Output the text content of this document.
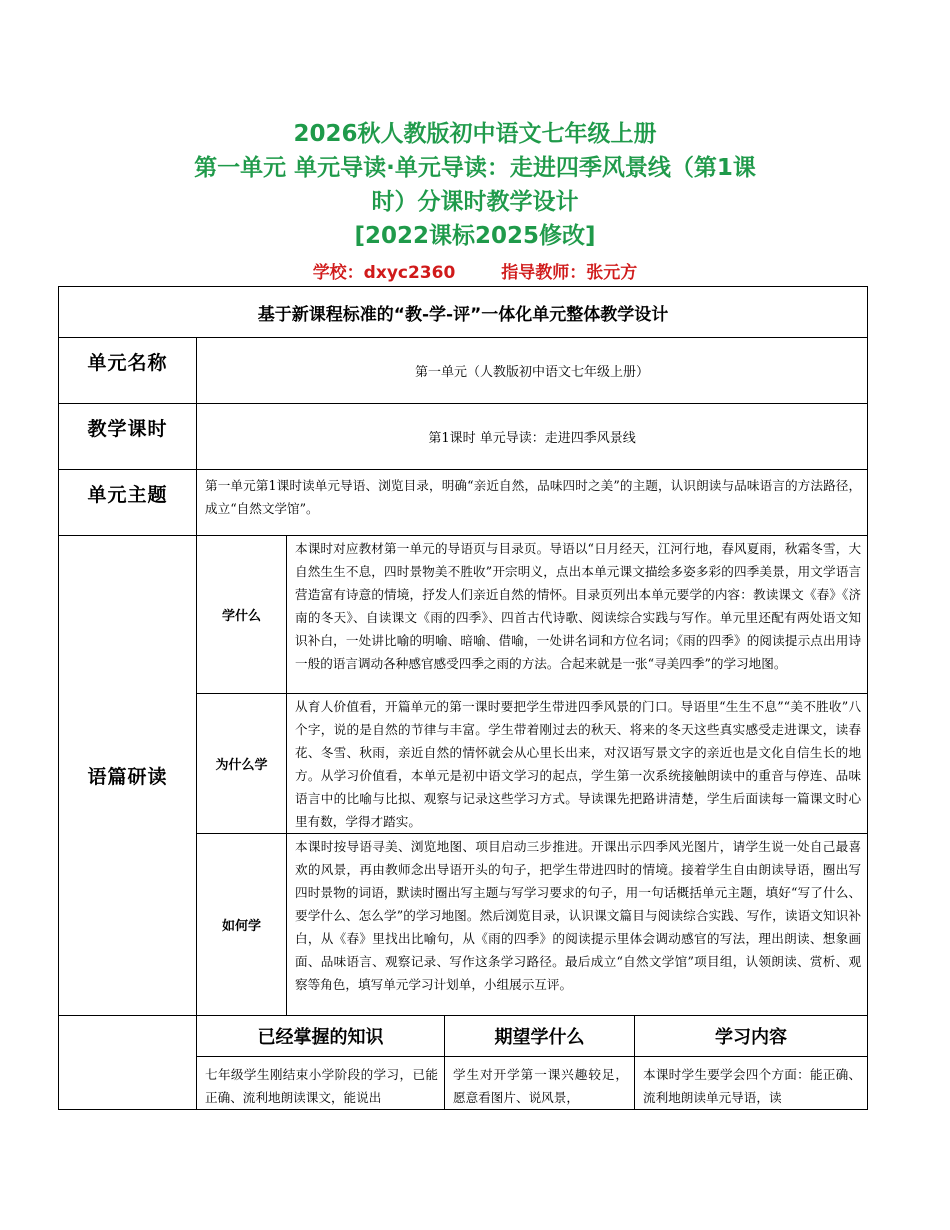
2026秋人教版初中语文七年级上册
第一单元 单元导读·单元导读：走进四季风景线（第1课
时）分课时教学设计
[2022课标2025修改]
学校：dxyc2360	指导教师：张元方
基于新课程标准的“教-学-评”一体化单元整体教学设计				
单元名称	第一单元（人教版初中语文七年级上册）			
教学课时	第1课时 单元导读：走进四季风景线			
单元主题	第一单元第1课时读单元导语、浏览目录，明确“亲近自然，品味四时之美”的主题，认识朗读与品味语言的方法路径，成立“自然文学馆”。			
语篇研读	学什么	本课时对应教材第一单元的导语页与目录页。导语以“日月经天，江河行地，春风夏雨，秋霜冬雪，大自然生生不息，四时景物美不胜收”开宗明义，点出本单元课文描绘多姿多彩的四季美景，用文学语言营造富有诗意的情境，抒发人们亲近自然的情怀。目录页列出本单元要学的内容：教读课文《春》《济南的冬天》、自读课文《雨的四季》、四首古代诗歌、阅读综合实践与写作。单元里还配有两处语文知识补白，一处讲比喻的明喻、暗喻、借喻，一处讲名词和方位名词；《雨的四季》的阅读提示点出用诗一般的语言调动各种感官感受四季之雨的方法。合起来就是一张“寻美四季”的学习地图。		
	为什么学	从育人价值看，开篇单元的第一课时要把学生带进四季风景的门口。导语里“生生不息”“美不胜收”八个字，说的是自然的节律与丰富。学生带着刚过去的秋天、将来的冬天这些真实感受走进课文，读春花、冬雪、秋雨，亲近自然的情怀就会从心里长出来，对汉语写景文字的亲近也是文化自信生长的地方。从学习价值看，本单元是初中语文学习的起点，学生第一次系统接触朗读中的重音与停连、品味语言中的比喻与比拟、观察与记录这些学习方式。导读课先把路讲清楚，学生后面读每一篇课文时心里有数，学得才踏实。		
	如何学	本课时按导语寻美、浏览地图、项目启动三步推进。开课出示四季风光图片，请学生说一处自己最喜欢的风景，再由教师念出导语开头的句子，把学生带进四时的情境。接着学生自由朗读导语，圈出写四时景物的词语，默读时圈出写主题与写学习要求的句子，用一句话概括单元主题，填好“写了什么、要学什么、怎么学”的学习地图。然后浏览目录，认识课文篇目与阅读综合实践、写作，读语文知识补白，从《春》里找出比喻句，从《雨的四季》的阅读提示里体会调动感官的写法，理出朗读、想象画面、品味语言、观察记录、写作这条学习路径。最后成立“自然文学馆”项目组，认领朗读、赏析、观察等角色，填写单元学习计划单，小组展示互评。		
	已经掌握的知识		期望学什么	学习内容
	七年级学生刚结束小学阶段的学习，已能正确、流利地朗读课文，能说出		学生对开学第一课兴趣较足，愿意看图片、说风景，	本课时学生要学会四个方面：能正确、流利地朗读单元导语，读
